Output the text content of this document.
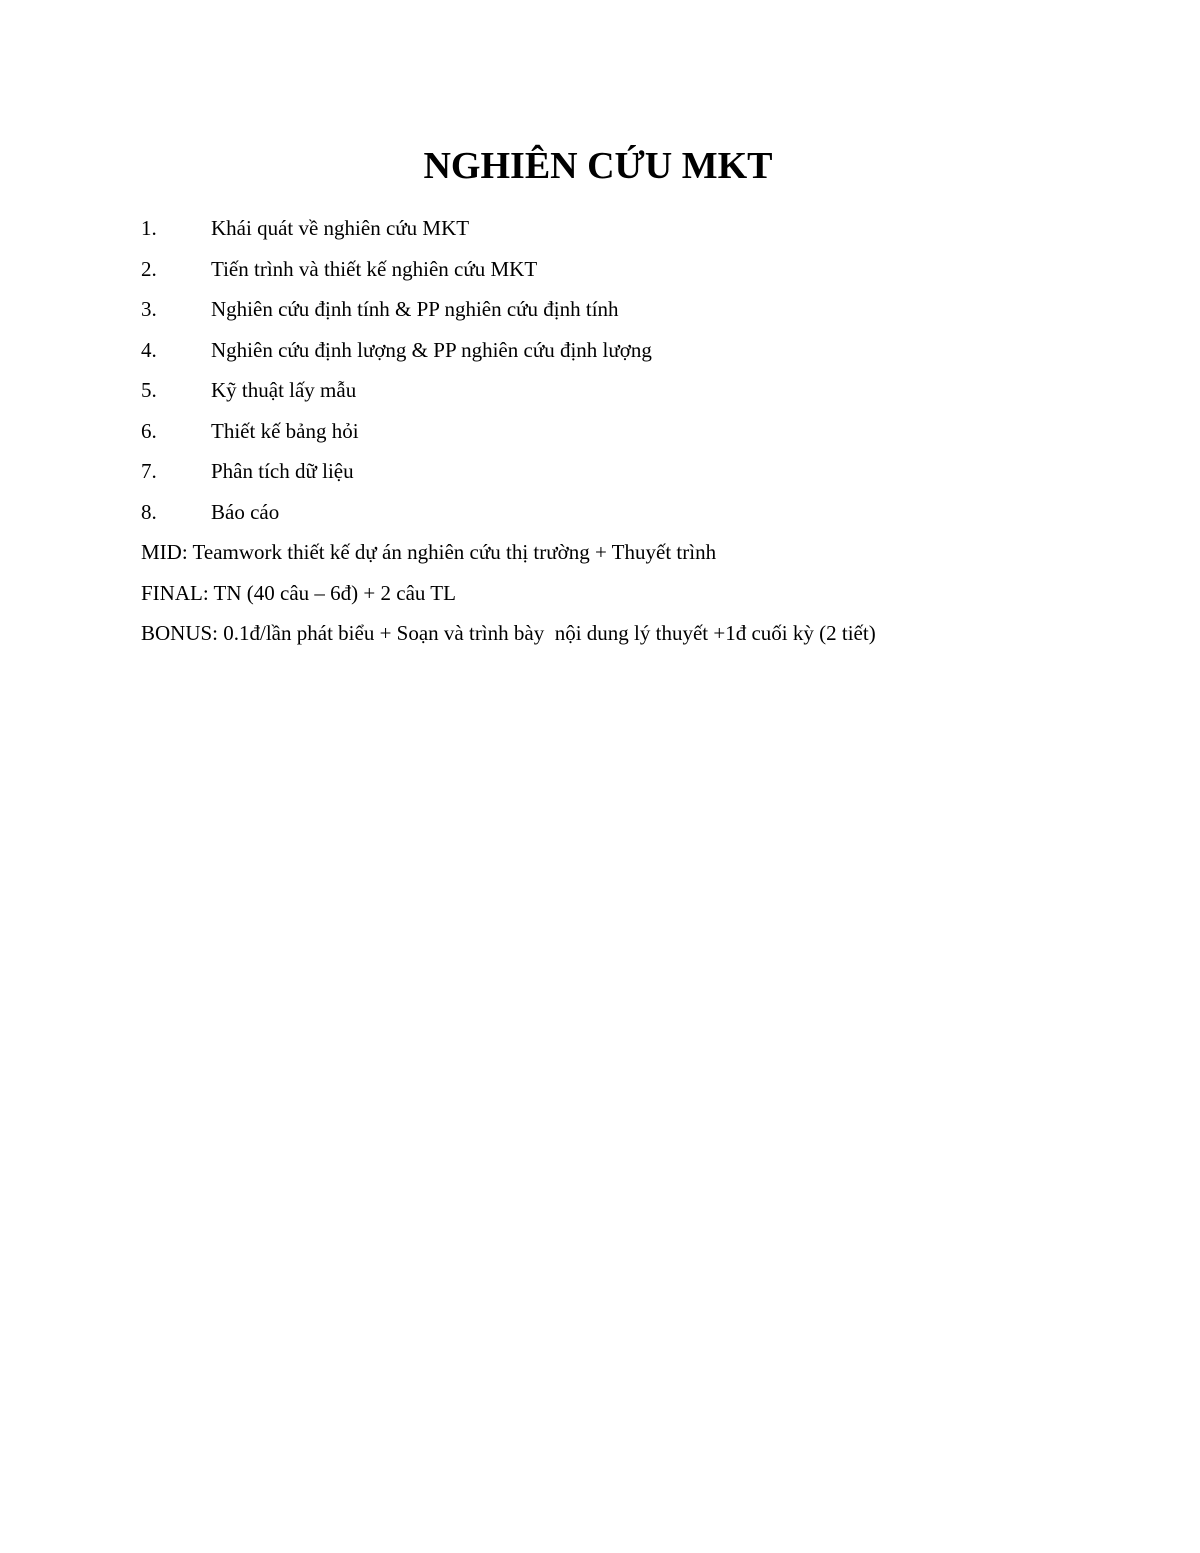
NGHIÊN CỨU MKT
1.	Khái quát về nghiên cứu MKT
2.	Tiến trình và thiết kế nghiên cứu MKT
3.	Nghiên cứu định tính & PP nghiên cứu định tính
4.	Nghiên cứu định lượng & PP nghiên cứu định lượng
5.	Kỹ thuật lấy mẫu
6.	Thiết kế bảng hỏi
7.	Phân tích dữ liệu
8.	Báo cáo
MID: Teamwork thiết kế dự án nghiên cứu thị trường + Thuyết trình
FINAL: TN (40 câu – 6đ) + 2 câu TL
BONUS: 0.1đ/lần phát biểu + Soạn và trình bày  nội dung lý thuyết +1đ cuối kỳ (2 tiết)
